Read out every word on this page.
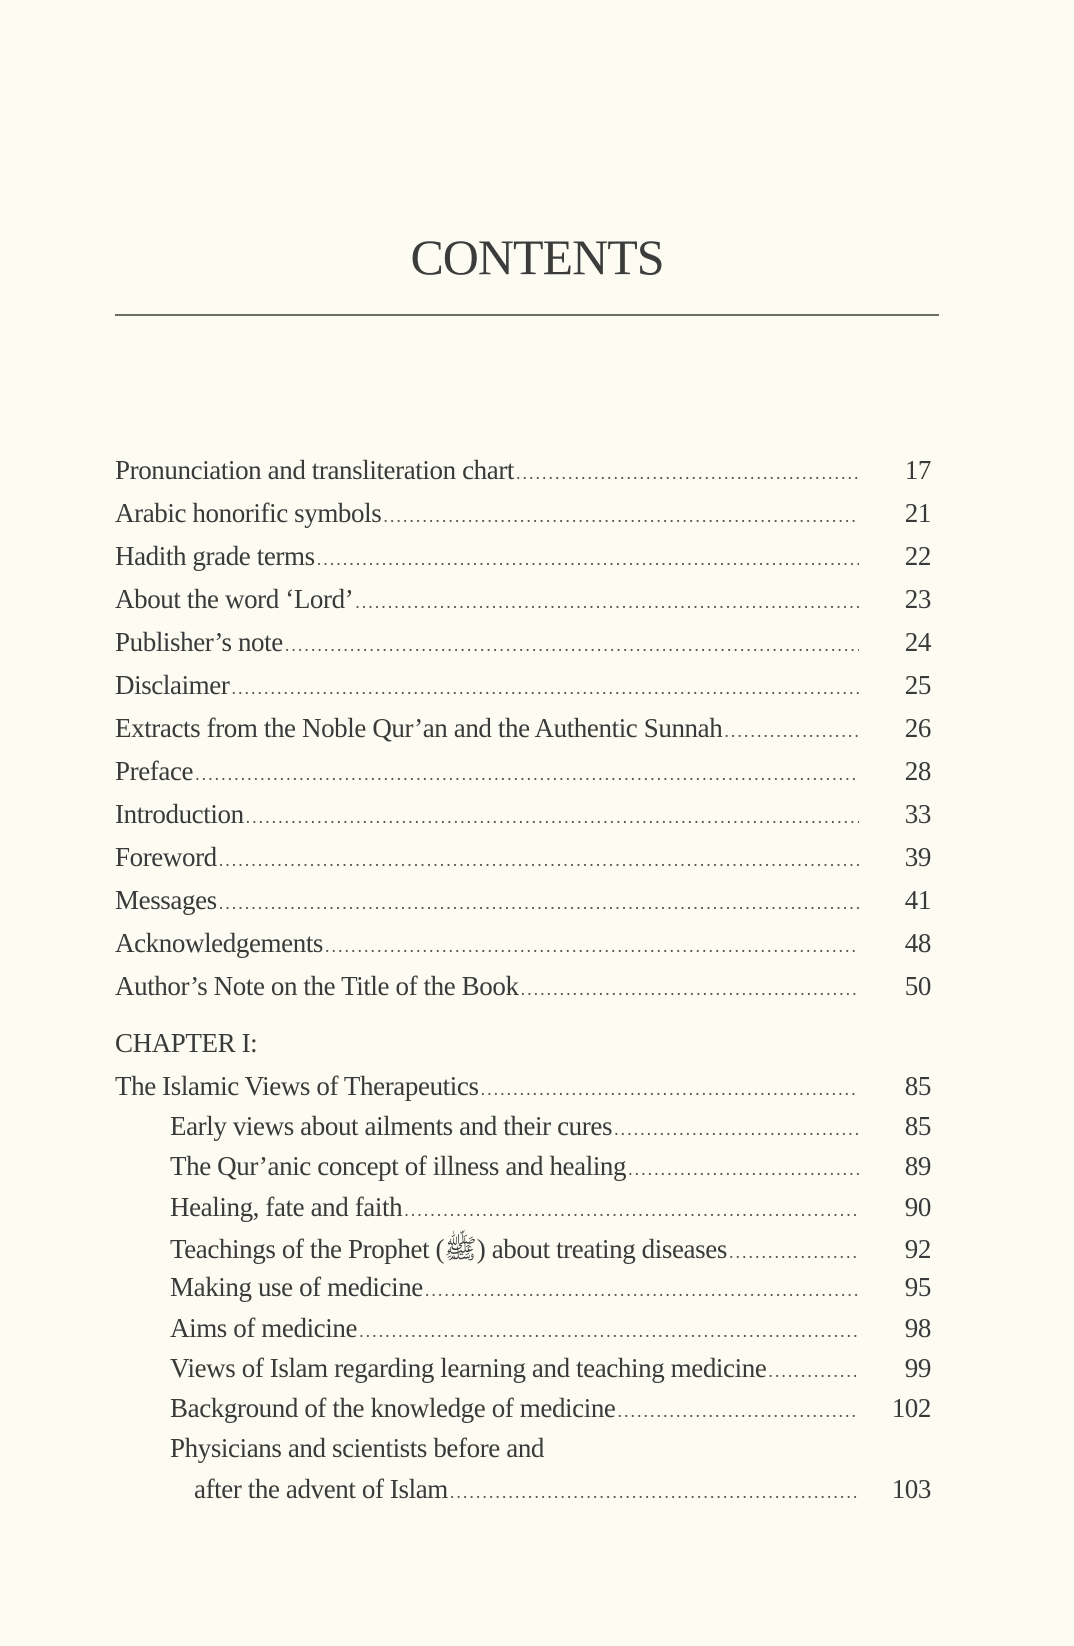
CONTENTS
Pronunciation and transliteration chart .....	17
Arabic honorific symbols .....	21
Hadith grade terms .....	22
About the word ‘Lord’ .....	23
Publisher’s note .....	24
Disclaimer .....	25
Extracts from the Noble Qur’an and the Authentic Sunnah .....	26
Preface .....	28
Introduction .....	33
Foreword .....	39
Messages .....	41
Acknowledgements .....	48
Author’s Note on the Title of the Book .....	50
The Islamic Views of Therapeutics .....	85
Early views about ailments and their cures .....	85
The Qur’anic concept of illness and healing .....	89
Healing, fate and faith .....	90
Teachings of the Prophet (ﷺ) about treating diseases .....	92
Making use of medicine .....	95
Aims of medicine .....	98
Views of Islam regarding learning and teaching medicine .....	99
Background of the knowledge of medicine .....	102
Physicians and scientists before and
after the advent of Islam .....	103
CHAPTER I:
